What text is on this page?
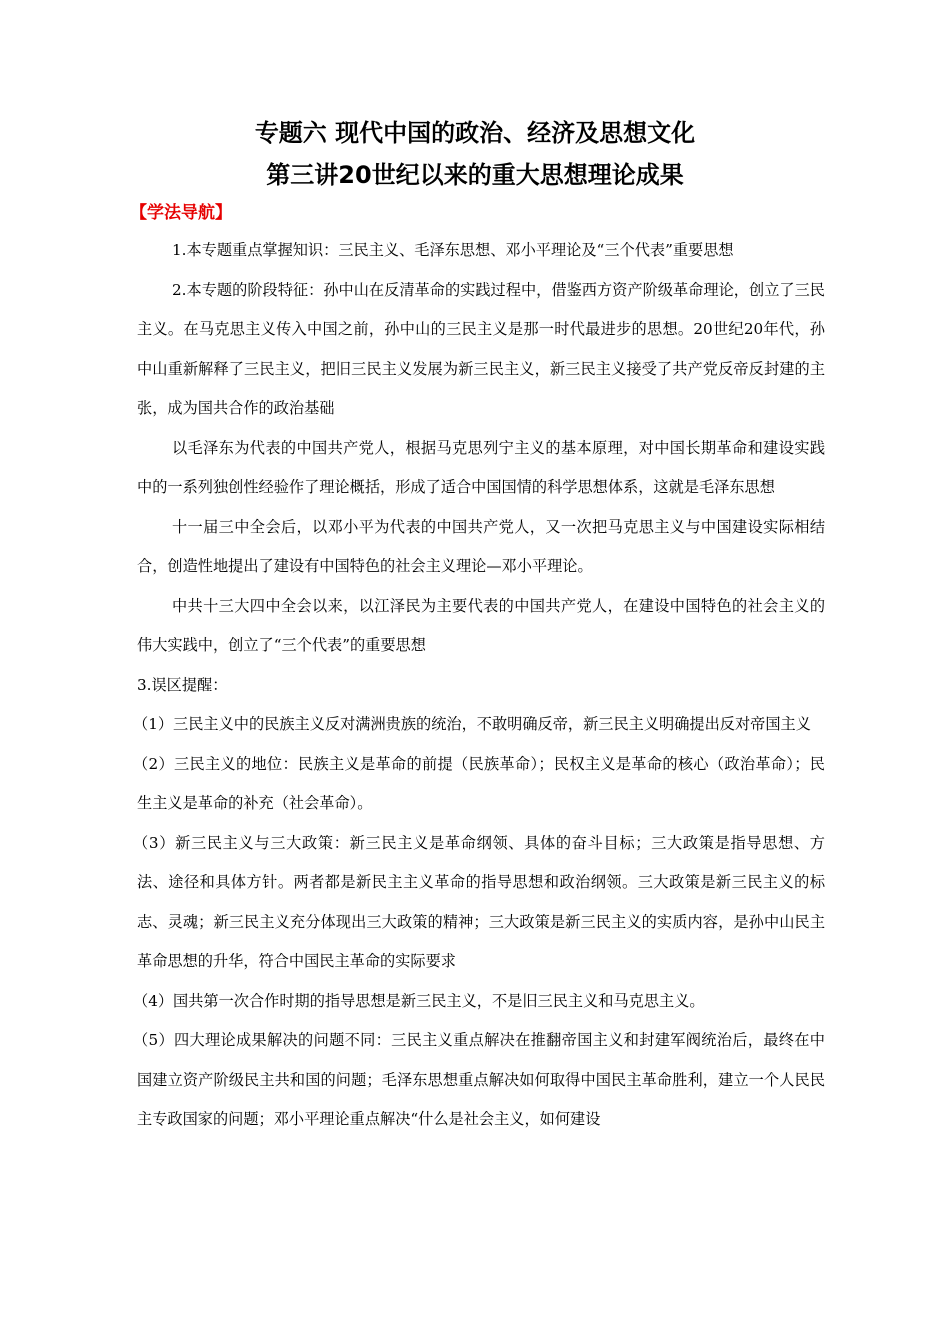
专题六 现代中国的政治、经济及思想文化
第三讲20世纪以来的重大思想理论成果
【学法导航】

1.本专题重点掌握知识：三民主义、毛泽东思想、邓小平理论及“三个代表”重要思想

2.本专题的阶段特征：孙中山在反清革命的实践过程中，借鉴西方资产阶级革命理论，创立了三民主义。在马克思主义传入中国之前，孙中山的三民主义是那一时代最进步的思想。20世纪20年代，孙中山重新解释了三民主义，把旧三民主义发展为新三民主义，新三民主义接受了共产党反帝反封建的主张，成为国共合作的政治基础

以毛泽东为代表的中国共产党人，根据马克思列宁主义的基本原理，对中国长期革命和建设实践中的一系列独创性经验作了理论概括，形成了适合中国国情的科学思想体系，这就是毛泽东思想

十一届三中全会后，以邓小平为代表的中国共产党人，又一次把马克思主义与中国建设实际相结合，创造性地提出了建设有中国特色的社会主义理论—邓小平理论。

中共十三大四中全会以来，以江泽民为主要代表的中国共产党人，在建设中国特色的社会主义的伟大实践中，创立了“三个代表”的重要思想

3.误区提醒：

（1）三民主义中的民族主义反对满洲贵族的统治，不敢明确反帝，新三民主义明确提出反对帝国主义

（2）三民主义的地位：民族主义是革命的前提（民族革命）；民权主义是革命的核心（政治革命）；民生主义是革命的补充（社会革命）。

（3）新三民主义与三大政策：新三民主义是革命纲领、具体的奋斗目标；三大政策是指导思想、方法、途径和具体方针。两者都是新民主主义革命的指导思想和政治纲领。三大政策是新三民主义的标志、灵魂；新三民主义充分体现出三大政策的精神；三大政策是新三民主义的实质内容，是孙中山民主革命思想的升华，符合中国民主革命的实际要求

（4）国共第一次合作时期的指导思想是新三民主义，不是旧三民主义和马克思主义。

（5）四大理论成果解决的问题不同：三民主义重点解决在推翻帝国主义和封建军阀统治后，最终在中国建立资产阶级民主共和国的问题；毛泽东思想重点解决如何取得中国民主革命胜利，建立一个人民民主专政国家的问题；邓小平理论重点解决“什么是社会主义，如何建设
